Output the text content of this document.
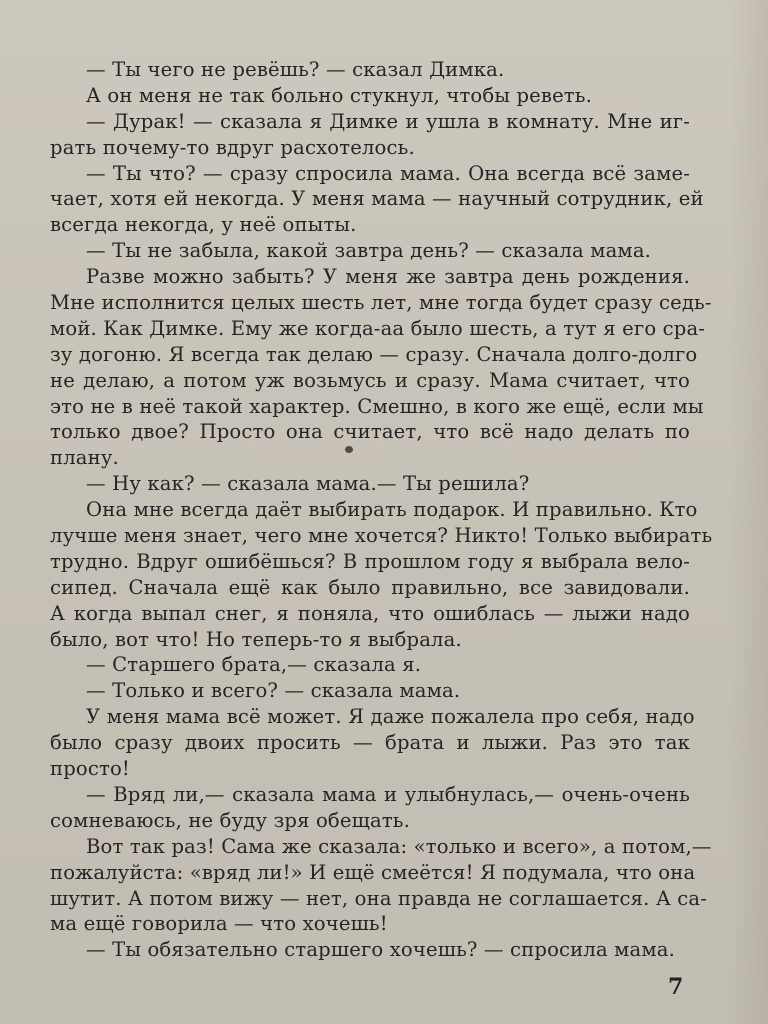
— Ты чего не ревёшь? — сказал Димка.
А он меня не так больно стукнул, чтобы реветь.
— Дурак! — сказала я Димке и ушла в комнату. Мне иг-
рать почему-то вдруг расхотелось.
— Ты что? — сразу спросила мама. Она всегда всё заме-
чает, хотя ей некогда. У меня мама — научный сотрудник, ей
всегда некогда, у неё опыты.
— Ты не забыла, какой завтра день? — сказала мама.
Разве можно забыть? У меня же завтра день рождения.
Мне исполнится целых шесть лет, мне тогда будет сразу седь-
мой. Как Димке. Ему же когда-аа было шесть, а тут я его сра-
зу догоню. Я всегда так делаю — сразу. Сначала долго-долго
не делаю, а потом уж возьмусь и сразу. Мама считает, что
это не в неё такой характер. Смешно, в кого же ещё, если мы
только двое? Просто она считает, что всё надо делать по
плану.
— Ну как? — сказала мама.— Ты решила?
Она мне всегда даёт выбирать подарок. И правильно. Кто
лучше меня знает, чего мне хочется? Никто! Только выбирать
трудно. Вдруг ошибёшься? В прошлом году я выбрала вело-
сипед. Сначала ещё как было правильно, все завидовали.
А когда выпал снег, я поняла, что ошиблась — лыжи надо
было, вот что! Но теперь-то я выбрала.
— Старшего брата,— сказала я.
— Только и всего? — сказала мама.
У меня мама всё может. Я даже пожалела про себя, надо
было сразу двоих просить — брата и лыжи. Раз это так
просто!
— Вряд ли,— сказала мама и улыбнулась,— очень-очень
сомневаюсь, не буду зря обещать.
Вот так раз! Сама же сказала: «только и всего», а потом,—
пожалуйста: «вряд ли!» И ещё смеётся! Я подумала, что она
шутит. А потом вижу — нет, она правда не соглашается. А са-
ма ещё говорила — что хочешь!
— Ты обязательно старшего хочешь? — спросила мама.
7
